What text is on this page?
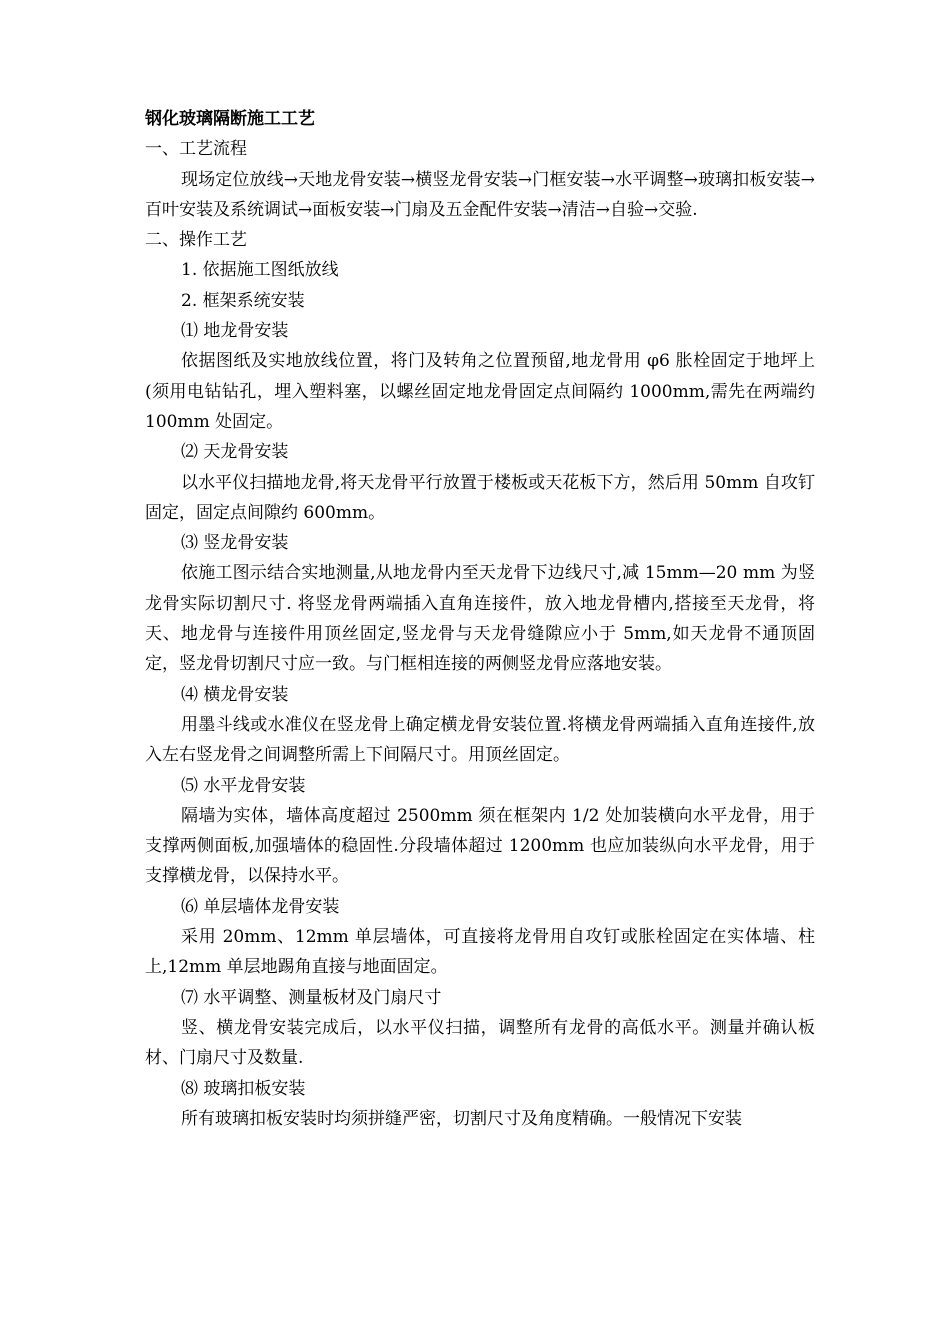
钢化玻璃隔断施工工艺
一、工艺流程

现场定位放线→天地龙骨安装→横竖龙骨安装→门框安装→水平调整→玻璃扣板安装→百叶安装及系统调试→面板安装→门扇及五金配件安装→清洁→自验→交验.

二、操作工艺
1. 依据施工图纸放线
2. 框架系统安装
⑴ 地龙骨安装

依据图纸及实地放线位置，将门及转角之位置预留,地龙骨用 φ6 胀栓固定于地坪上(须用电钻钻孔，埋入塑料塞，以螺丝固定地龙骨固定点间隔约 1000mm,需先在两端约 100mm 处固定。

⑵ 天龙骨安装

以水平仪扫描地龙骨,将天龙骨平行放置于楼板或天花板下方，然后用 50mm 自攻钉固定，固定点间隙约 600mm。

⑶ 竖龙骨安装

依施工图示结合实地测量,从地龙骨内至天龙骨下边线尺寸,减 15mm—20 mm 为竖龙骨实际切割尺寸. 将竖龙骨两端插入直角连接件，放入地龙骨槽内,搭接至天龙骨，将天、地龙骨与连接件用顶丝固定,竖龙骨与天龙骨缝隙应小于 5mm,如天龙骨不通顶固定，竖龙骨切割尺寸应一致。与门框相连接的两侧竖龙骨应落地安装。

⑷ 横龙骨安装

用墨斗线或水准仪在竖龙骨上确定横龙骨安装位置.将横龙骨两端插入直角连接件,放入左右竖龙骨之间调整所需上下间隔尺寸。用顶丝固定。

⑸ 水平龙骨安装

隔墙为实体，墙体高度超过 2500mm 须在框架内 1/2 处加装横向水平龙骨，用于支撑两侧面板,加强墙体的稳固性.分段墙体超过 1200mm 也应加装纵向水平龙骨，用于支撑横龙骨，以保持水平。

⑹ 单层墙体龙骨安装

采用 20mm、12mm 单层墙体，可直接将龙骨用自攻钉或胀栓固定在实体墙、柱上,12mm 单层地踢角直接与地面固定。

⑺ 水平调整、测量板材及门扇尺寸

竖、横龙骨安装完成后，以水平仪扫描，调整所有龙骨的高低水平。测量并确认板材、门扇尺寸及数量.

⑻ 玻璃扣板安装

所有玻璃扣板安装时均须拼缝严密，切割尺寸及角度精确。一般情况下安装
